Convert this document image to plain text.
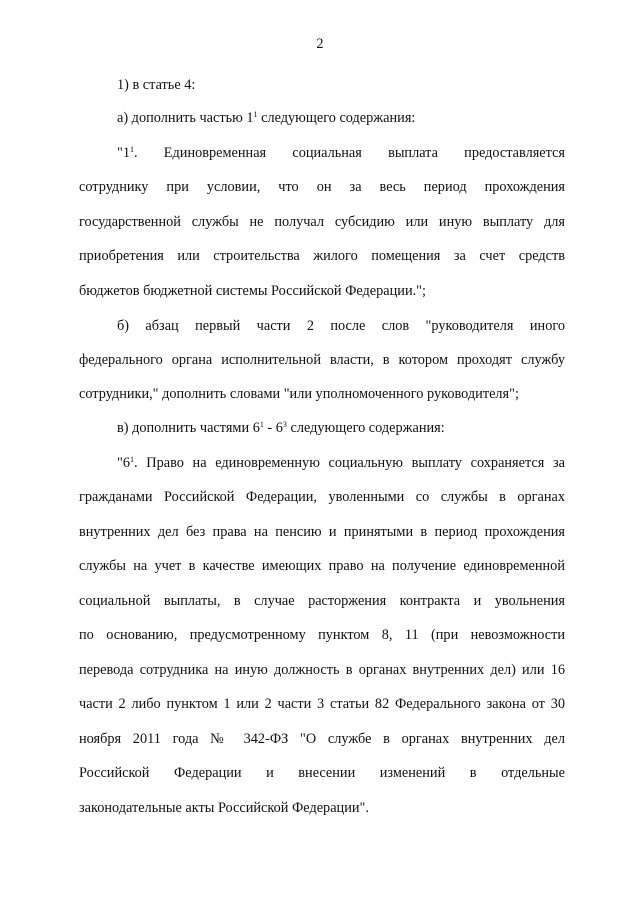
2
1) в статье 4:
а) дополнить частью $1^1$ следующего содержания:
"$1^1$. Единовременная социальная выплата предоставляется
сотруднику при условии, что он за весь период прохождения
государственной службы не получал субсидию или иную выплату для
приобретения или строительства жилого помещения за счет средств
бюджетов бюджетной системы Российской Федерации.";
б) абзац первый части 2 после слов "руководителя иного
федерального органа исполнительной власти, в котором проходят службу
сотрудники," дополнить словами "или уполномоченного руководителя";
в) дополнить частями $6^1 - 6^3$ следующего содержания:
"$6^1$. Право на единовременную социальную выплату сохраняется за
гражданами Российской Федерации, уволенными со службы в органах
внутренних дел без права на пенсию и принятыми в период прохождения
службы на учет в качестве имеющих право на получение единовременной
социальной выплаты, в случае расторжения контракта и увольнения
по основанию, предусмотренному пунктом 8, 11 (при невозможности
перевода сотрудника на иную должность в органах внутренних дел) или 16
части 2 либо пунктом 1 или 2 части 3 статьи 82 Федерального закона от 30
ноября 2011 года № 342-ФЗ "О службе в органах внутренних дел
Российской Федерации и внесении изменений в отдельные
законодательные акты Российской Федерации".
